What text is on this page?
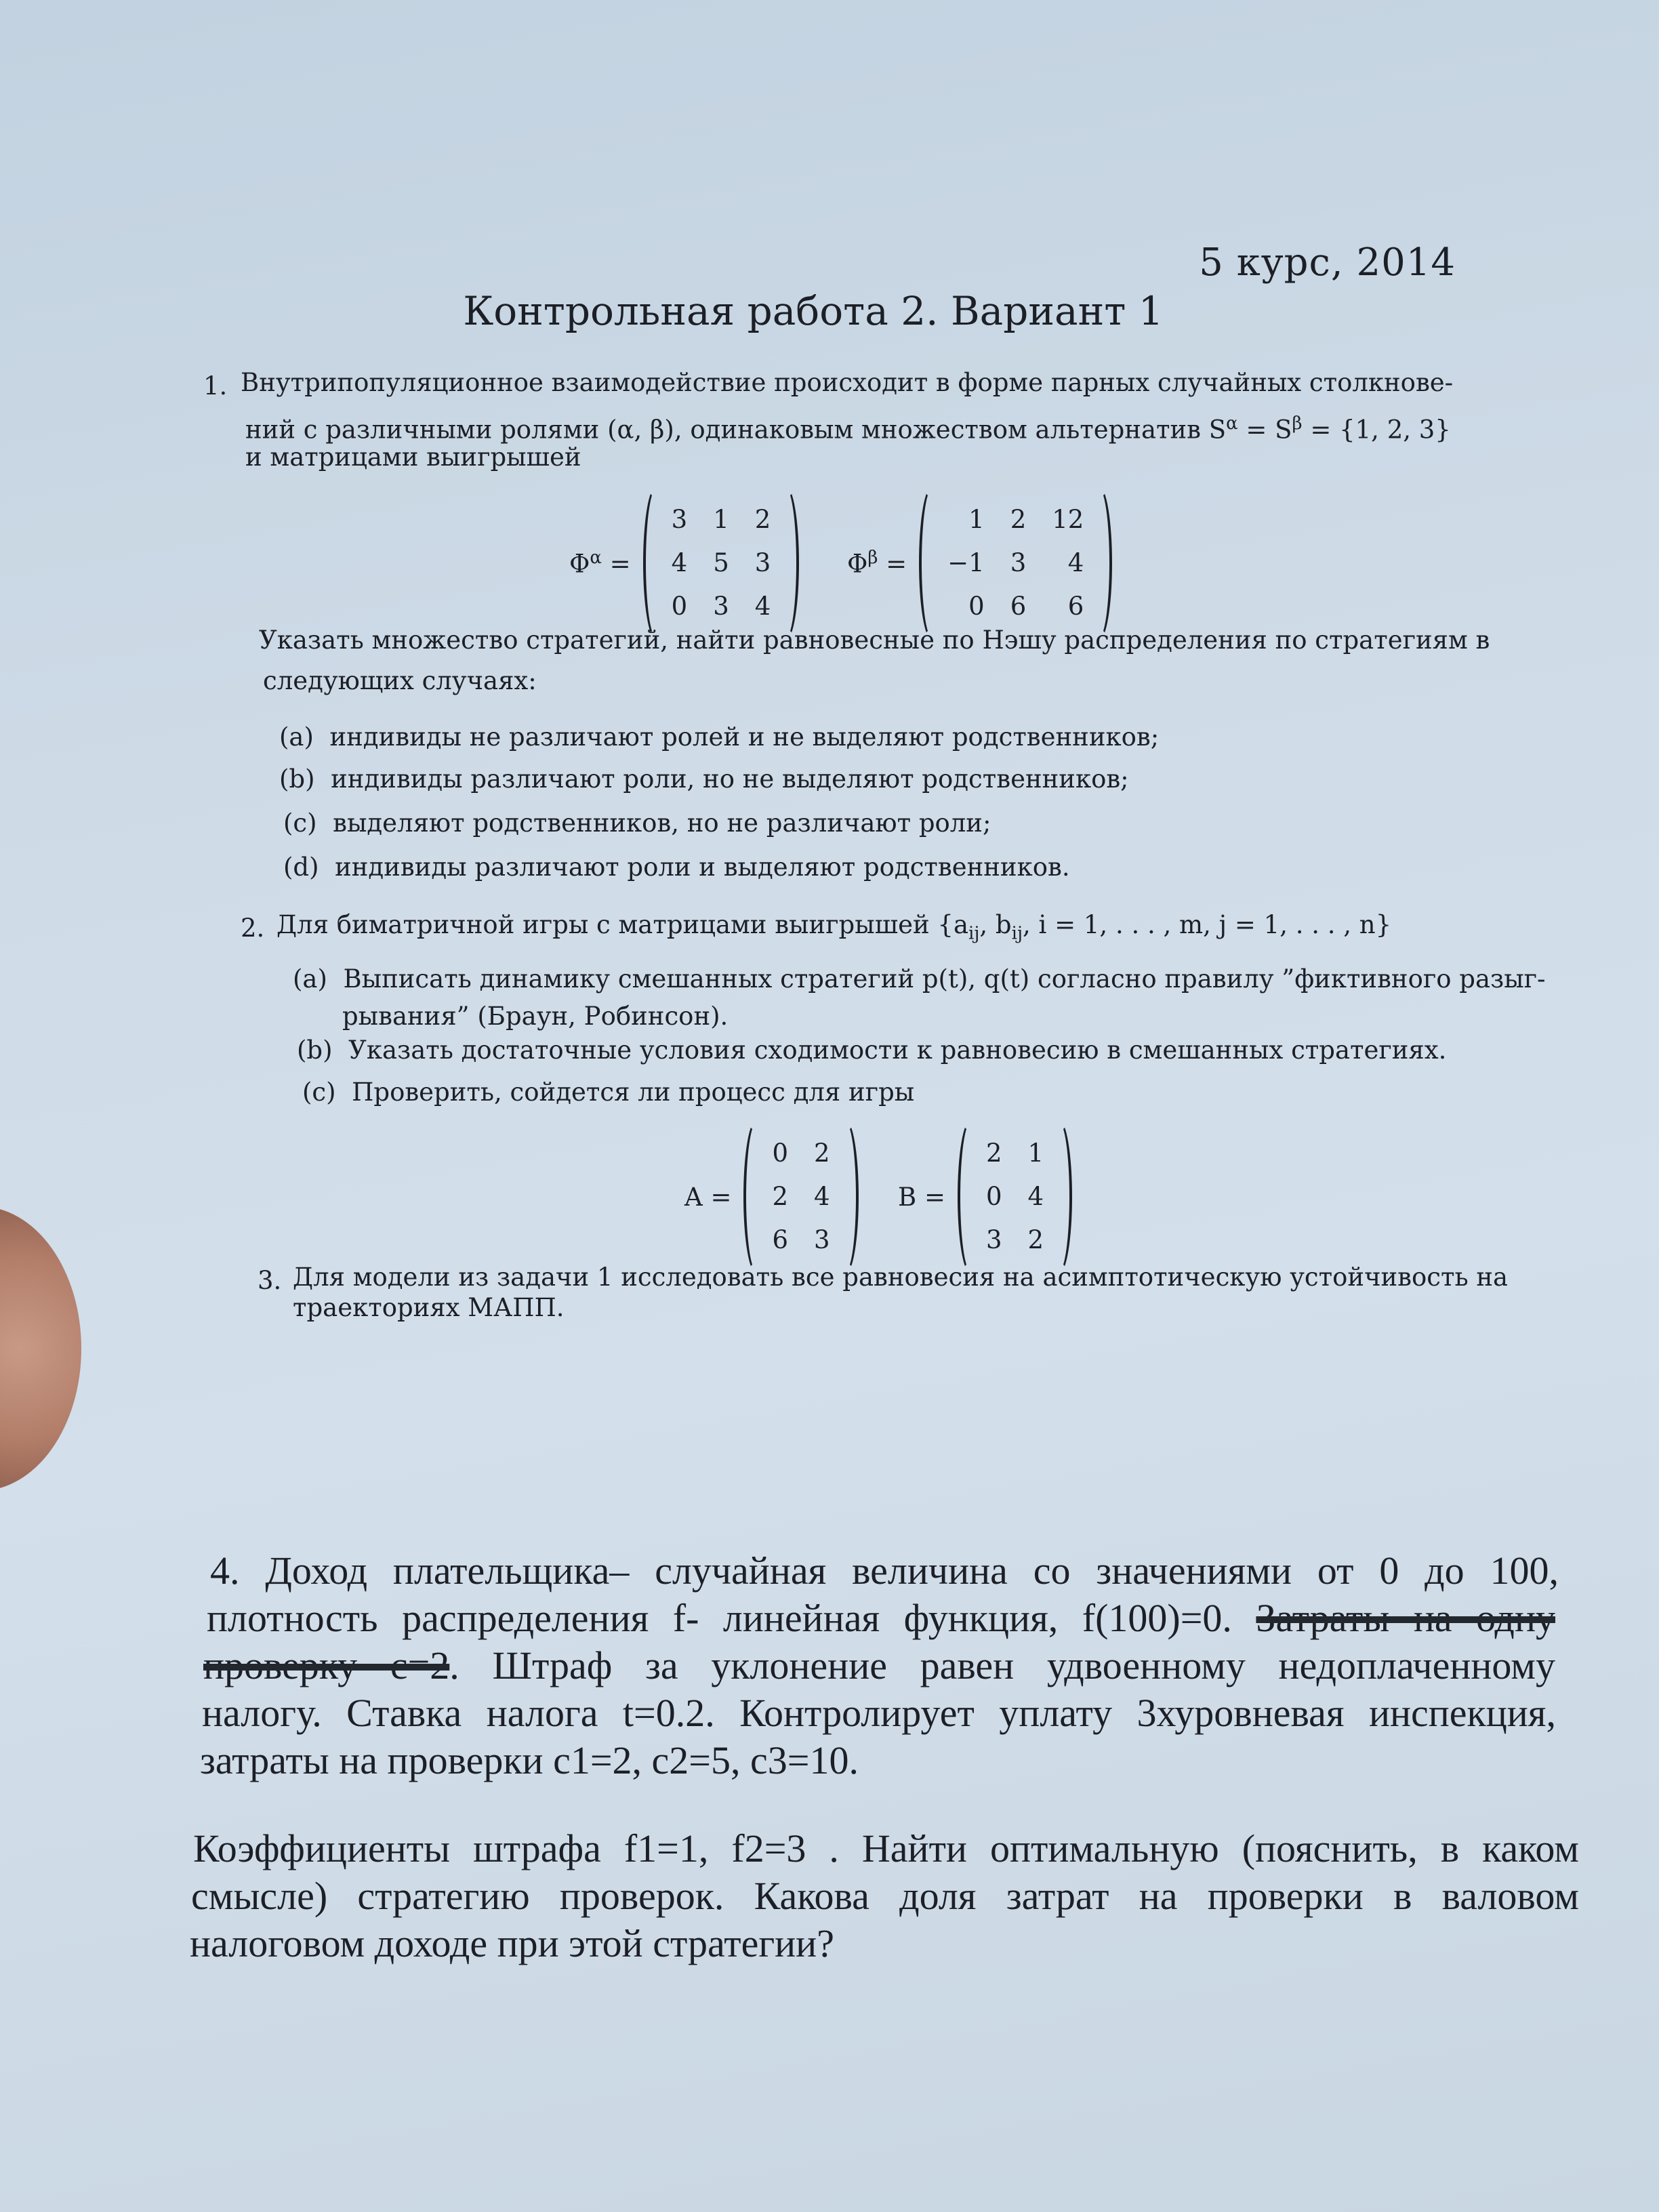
5 курс, 2014
Контрольная работа 2. Вариант 1
1. Внутрипопуляционное взаимодействие происходит в форме парных случайных столкнове-
ний с различными ролями (α, β), одинаковым множеством альтернатив $S^\alpha = S^\beta = \{1$, 2, 3}
и матрицами выигрышей
$\Phi^\alpha$ =
3 1 2
4 5 3
0 3 4
$\Phi^\beta$ =
1 2 12
−1 3 4
0 6 6
Указать множество стратегий, найти равновесные по Нэшу распределения по стратегиям в
следующих случаях:
(a) индивиды не различают ролей и не выделяют родственников;
(b) индивиды различают роли, но не выделяют родственников;
(c) выделяют родственников, но не различают роли;
(d) индивиды различают роли и выделяют родственников.
2. Для биматричной игры с матрицами выигрышей {$a_{ij}$, $b_{ij}$, i = 1, . . . , m, j = 1, . . . , n}
(a) Выписать динамику смешанных стратегий p(t), q(t) согласно правилу ”фиктивного разыг-
рывания” (Браун, Робинсон).
(b) Указать достаточные условия сходимости к равновесию в смешанных стратегиях.
(c) Проверить, сойдется ли процесс для игры
A =
0 2
2 4
6 3
B =
2 1
0 4
3 2
3. Для модели из задачи 1 исследовать все равновесия на асимптотическую устойчивость на
траекториях МАПП.
4. Доход плательщика– случайная величина со значениями от 0 до 100,
плотность распределения f- линейная функция, f(100)=0. Затраты на одну
проверку с=2. Штраф за уклонение равен удвоенному недоплаченному
налогу. Ставка налога t=0.2. Контролирует уплату 3хуровневая инспекция,
затраты на проверки c1=2, c2=5, c3=10.
Коэффициенты штрафа f1=1, f2=3 . Найти оптимальную (пояснить, в каком
смысле) стратегию проверок. Какова доля затрат на проверки в валовом
налоговом доходе при этой стратегии?
